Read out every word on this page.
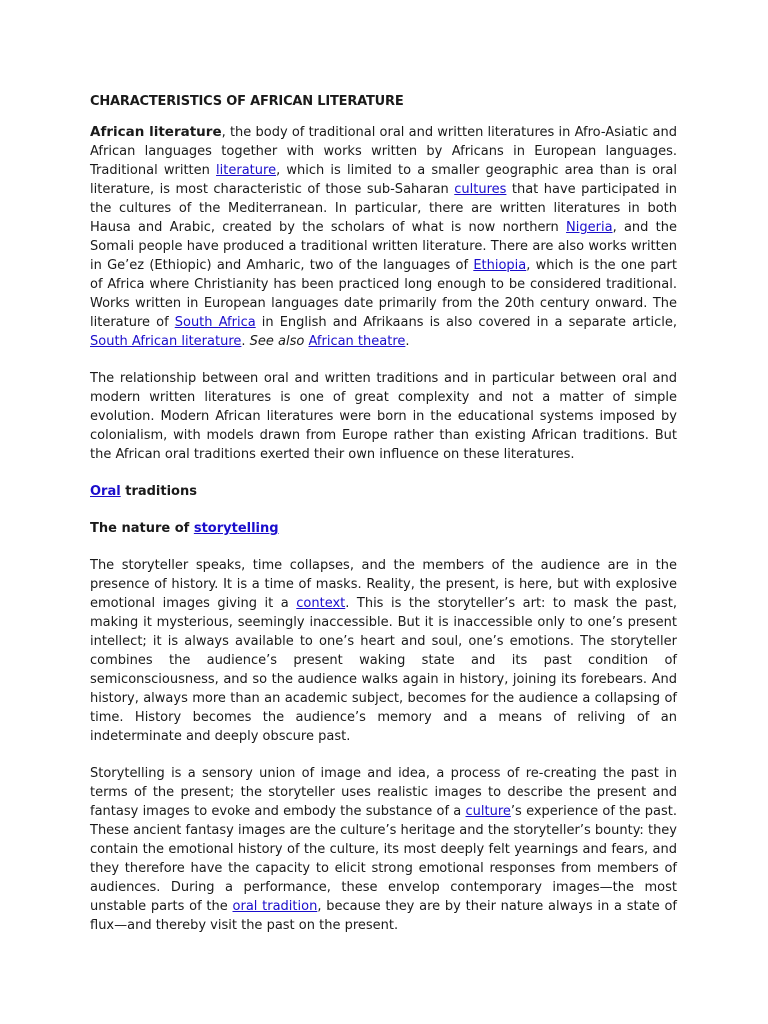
CHARACTERISTICS OF AFRICAN LITERATURE

African literature, the body of traditional oral and written literatures in Afro-Asiatic and African languages together with works written by Africans in European languages. Traditional written literature, which is limited to a smaller geographic area than is oral literature, is most characteristic of those sub-Saharan cultures that have participated in the cultures of the Mediterranean. In particular, there are written literatures in both Hausa and Arabic, created by the scholars of what is now northern Nigeria, and the Somali people have produced a traditional written literature. There are also works written in Ge’ez (Ethiopic) and Amharic, two of the languages of Ethiopia, which is the one part of Africa where Christianity has been practiced long enough to be considered traditional. Works written in European languages date primarily from the 20th century onward. The literature of South Africa in English and Afrikaans is also covered in a separate article, South African literature. See also African theatre.

The relationship between oral and written traditions and in particular between oral and modern written literatures is one of great complexity and not a matter of simple evolution. Modern African literatures were born in the educational systems imposed by colonialism, with models drawn from Europe rather than existing African traditions. But the African oral traditions exerted their own influence on these literatures.

Oral traditions
The nature of storytelling

The storyteller speaks, time collapses, and the members of the audience are in the presence of history. It is a time of masks. Reality, the present, is here, but with explosive emotional images giving it a context. This is the storyteller’s art: to mask the past, making it mysterious, seemingly inaccessible. But it is inaccessible only to one’s present intellect; it is always available to one’s heart and soul, one’s emotions. The storyteller combines the audience’s present waking state and its past condition of semiconsciousness, and so the audience walks again in history, joining its forebears. And history, always more than an academic subject, becomes for the audience a collapsing of time. History becomes the audience’s memory and a means of reliving of an indeterminate and deeply obscure past.

Storytelling is a sensory union of image and idea, a process of re-creating the past in terms of the present; the storyteller uses realistic images to describe the present and fantasy images to evoke and embody the substance of a culture’s experience of the past. These ancient fantasy images are the culture’s heritage and the storyteller’s bounty: they contain the emotional history of the culture, its most deeply felt yearnings and fears, and they therefore have the capacity to elicit strong emotional responses from members of audiences. During a performance, these envelop contemporary images—the most unstable parts of the oral tradition, because they are by their nature always in a state of flux—and thereby visit the past on the present.
